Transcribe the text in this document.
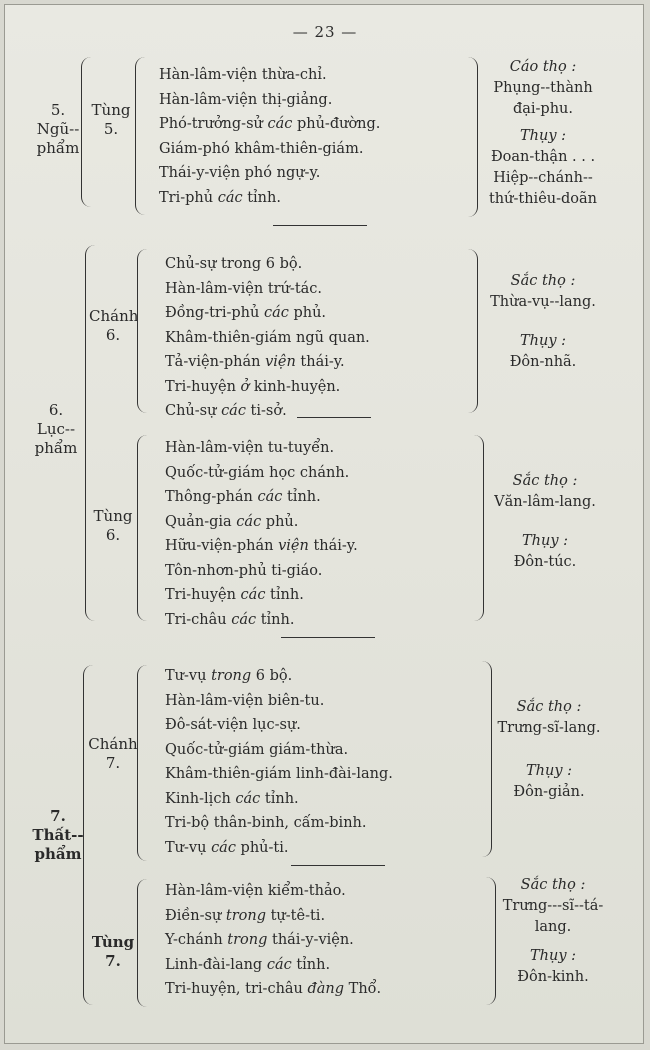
— 23 —
5.
Ngũ--
phẩm
Tùng
5.
Hàn-lâm-viện thừa-chỉ.
Hàn-lâm-viện thị-giảng.
Phó-trưởng-sử các phủ-đường.
Giám-phó khâm-thiên-giám.
Thái-y-viện phó ngự-y.
Tri-phủ các tỉnh.
Cáo thọ :
Phụng--thành
đại-phu.
Thụy :
Đoan-thận . . .
Hiệp--chánh--
thứ-thiêu-doãn
6.
Lục--
phẩm
Chánh
6.
Chủ-sự trong 6 bộ.
Hàn-lâm-viện trứ-tác.
Đồng-tri-phủ các phủ.
Khâm-thiên-giám ngũ quan.
Tả-viện-phán viện thái-y.
Tri-huyện ở kinh-huyện.
Chủ-sự các ti-sở.
Sắc thọ :
Thừa-vụ--lang.
Thụy :
Đôn-nhã.
Tùng
6.
Hàn-lâm-viện tu-tuyển.
Quốc-tử-giám học chánh.
Thông-phán các tỉnh.
Quản-gia các phủ.
Hữu-viện-phán viện thái-y.
Tôn-nhơn-phủ ti-giáo.
Tri-huyện các tỉnh.
Tri-châu các tỉnh.
Sắc thọ :
Văn-lâm-lang.
Thụy :
Đôn-túc.
7.
Thất--
phẩm
Chánh
7.
Tư-vụ trong 6 bộ.
Hàn-lâm-viện biên-tu.
Đô-sát-viện lục-sự.
Quốc-tử-giám giám-thừa.
Khâm-thiên-giám linh-đài-lang.
Kinh-lịch các tỉnh.
Tri-bộ thân-binh, cấm-binh.
Tư-vụ các phủ-ti.
Sắc thọ :
Trưng-sĩ-lang.
Thụy :
Đôn-giản.
Tùng
7.
Hàn-lâm-viện kiểm-thảo.
Điền-sự trong tự-tê-ti.
Y-chánh trong thái-y-viện.
Linh-đài-lang các tỉnh.
Tri-huyện, tri-châu đàng Thổ.
Sắc thọ :
Trưng---sĩ--tá-
lang.
Thụy :
Đôn-kinh.
